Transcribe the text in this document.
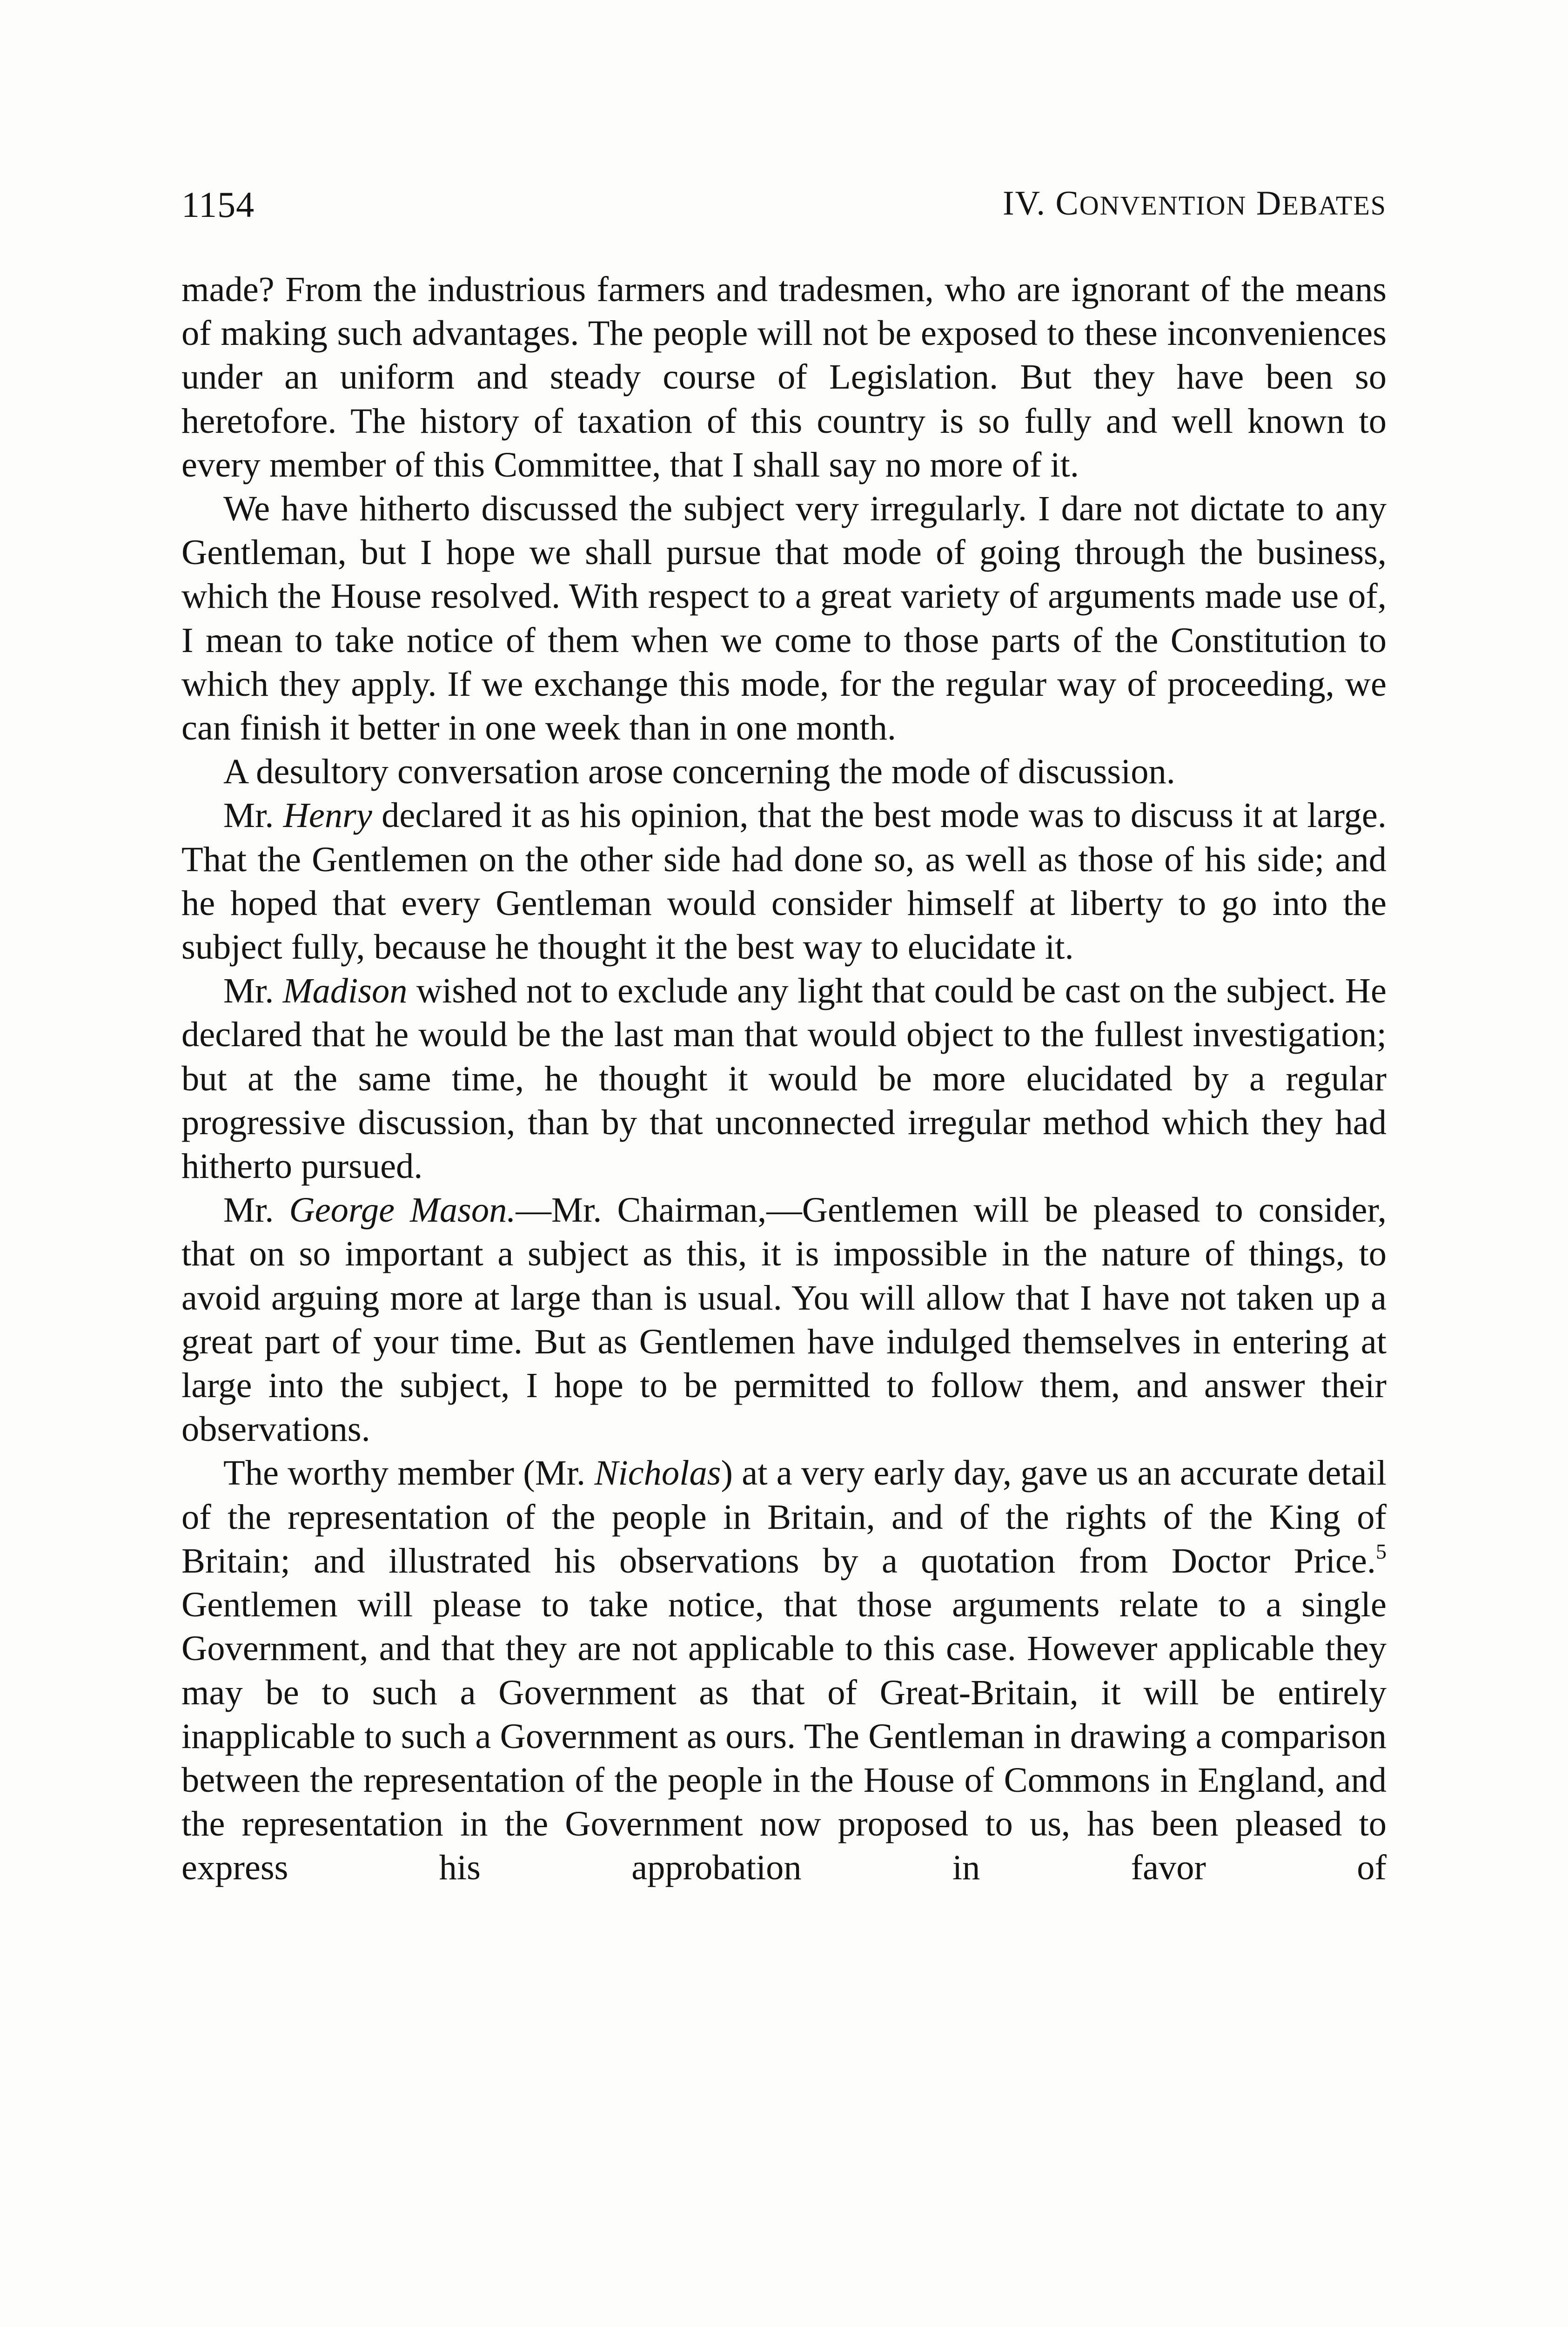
1154	IV. CONVENTION DEBATES

made? From the industrious farmers and tradesmen, who are ignorant of the means of making such advantages. The people will not be exposed to these inconveniences under an uniform and steady course of Legislation. But they have been so heretofore. The history of taxation of this country is so fully and well known to every member of this Committee, that I shall say no more of it.

We have hitherto discussed the subject very irregularly. I dare not dictate to any Gentleman, but I hope we shall pursue that mode of going through the business, which the House resolved. With respect to a great variety of arguments made use of, I mean to take notice of them when we come to those parts of the Constitution to which they apply. If we exchange this mode, for the regular way of proceeding, we can finish it better in one week than in one month.

A desultory conversation arose concerning the mode of discussion.

Mr. Henry declared it as his opinion, that the best mode was to discuss it at large. That the Gentlemen on the other side had done so, as well as those of his side; and he hoped that every Gentleman would consider himself at liberty to go into the subject fully, because he thought it the best way to elucidate it.

Mr. Madison wished not to exclude any light that could be cast on the subject. He declared that he would be the last man that would object to the fullest investigation; but at the same time, he thought it would be more elucidated by a regular progressive discussion, than by that unconnected irregular method which they had hitherto pursued.

Mr. George Mason.—Mr. Chairman,—Gentlemen will be pleased to consider, that on so important a subject as this, it is impossible in the nature of things, to avoid arguing more at large than is usual. You will allow that I have not taken up a great part of your time. But as Gentlemen have indulged themselves in entering at large into the subject, I hope to be permitted to follow them, and answer their observations.

The worthy member (Mr. Nicholas) at a very early day, gave us an accurate detail of the representation of the people in Britain, and of the rights of the King of Britain; and illustrated his observations by a quotation from Doctor Price.$^5$ Gentlemen will please to take notice, that those arguments relate to a single Government, and that they are not applicable to this case. However applicable they may be to such a Government as that of Great-Britain, it will be entirely inapplicable to such a Government as ours. The Gentleman in drawing a comparison between the representation of the people in the House of Commons in England, and the representation in the Government now proposed to us, has been pleased to express his approbation in favor of
